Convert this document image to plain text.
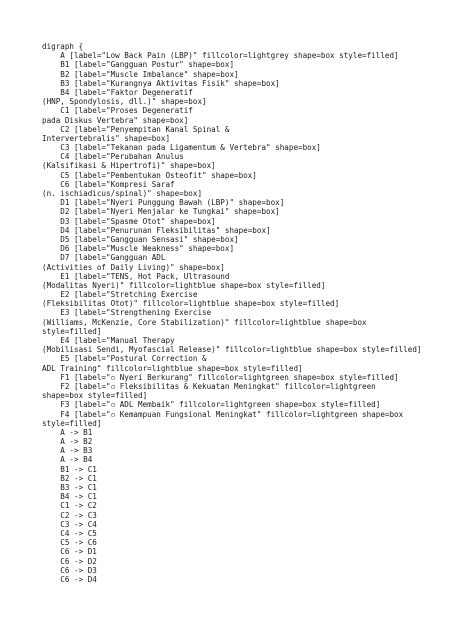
digraph {
A [label="Low Back Pain (LBP)" fillcolor=lightgrey shape=box style=filled]
B1 [label="Gangguan Postur" shape=box]
B2 [label="Muscle Imbalance" shape=box]
B3 [label="Kurangnya Aktivitas Fisik" shape=box]
B4 [label="Faktor Degeneratif
(HNP, Spondylosis, dll.)" shape=box]
C1 [label="Proses Degeneratif
pada Diskus Vertebra" shape=box]
C2 [label="Penyempitan Kanal Spinal &
Intervertebralis" shape=box]
C3 [label="Tekanan pada Ligamentum & Vertebra" shape=box]
C4 [label="Perubahan Anulus
(Kalsifikasi & Hipertrofi)" shape=box]
C5 [label="Pembentukan Osteofit" shape=box]
C6 [label="Kompresi Saraf
(n. ischiadicus/spinal)" shape=box]
D1 [label="Nyeri Punggung Bawah (LBP)" shape=box]
D2 [label="Nyeri Menjalar ke Tungkai" shape=box]
D3 [label="Spasme Otot" shape=box]
D4 [label="Penurunan Fleksibilitas" shape=box]
D5 [label="Gangguan Sensasi" shape=box]
D6 [label="Muscle Weakness" shape=box]
D7 [label="Gangguan ADL
(Activities of Daily Living)" shape=box]
E1 [label="TENS, Hot Pack, Ultrasound
(Modalitas Nyeri)" fillcolor=lightblue shape=box style=filled]
E2 [label="Stretching Exercise
(Fleksibilitas Otot)" fillcolor=lightblue shape=box style=filled]
E3 [label="Strengthening Exercise
(Williams, McKenzie, Core Stabilization)" fillcolor=lightblue shape=box
style=filled]
E4 [label="Manual Therapy
(Mobilisasi Sendi, Myofascial Release)" fillcolor=lightblue shape=box style=filled]
E5 [label="Postural Correction &
ADL Training" fillcolor=lightblue shape=box style=filled]
F1 [label="▫ Nyeri Berkurang" fillcolor=lightgreen shape=box style=filled]
F2 [label="▫ Fleksibilitas & Kekuatan Meningkat" fillcolor=lightgreen
shape=box style=filled]
F3 [label="▫ ADL Membaik" fillcolor=lightgreen shape=box style=filled]
F4 [label="▫ Kemampuan Fungsional Meningkat" fillcolor=lightgreen shape=box
style=filled]
A -> B1
A -> B2
A -> B3
A -> B4
B1 -> C1
B2 -> C1
B3 -> C1
B4 -> C1
C1 -> C2
C2 -> C3
C3 -> C4
C4 -> C5
C5 -> C6
C6 -> D1
C6 -> D2
C6 -> D3
C6 -> D4
